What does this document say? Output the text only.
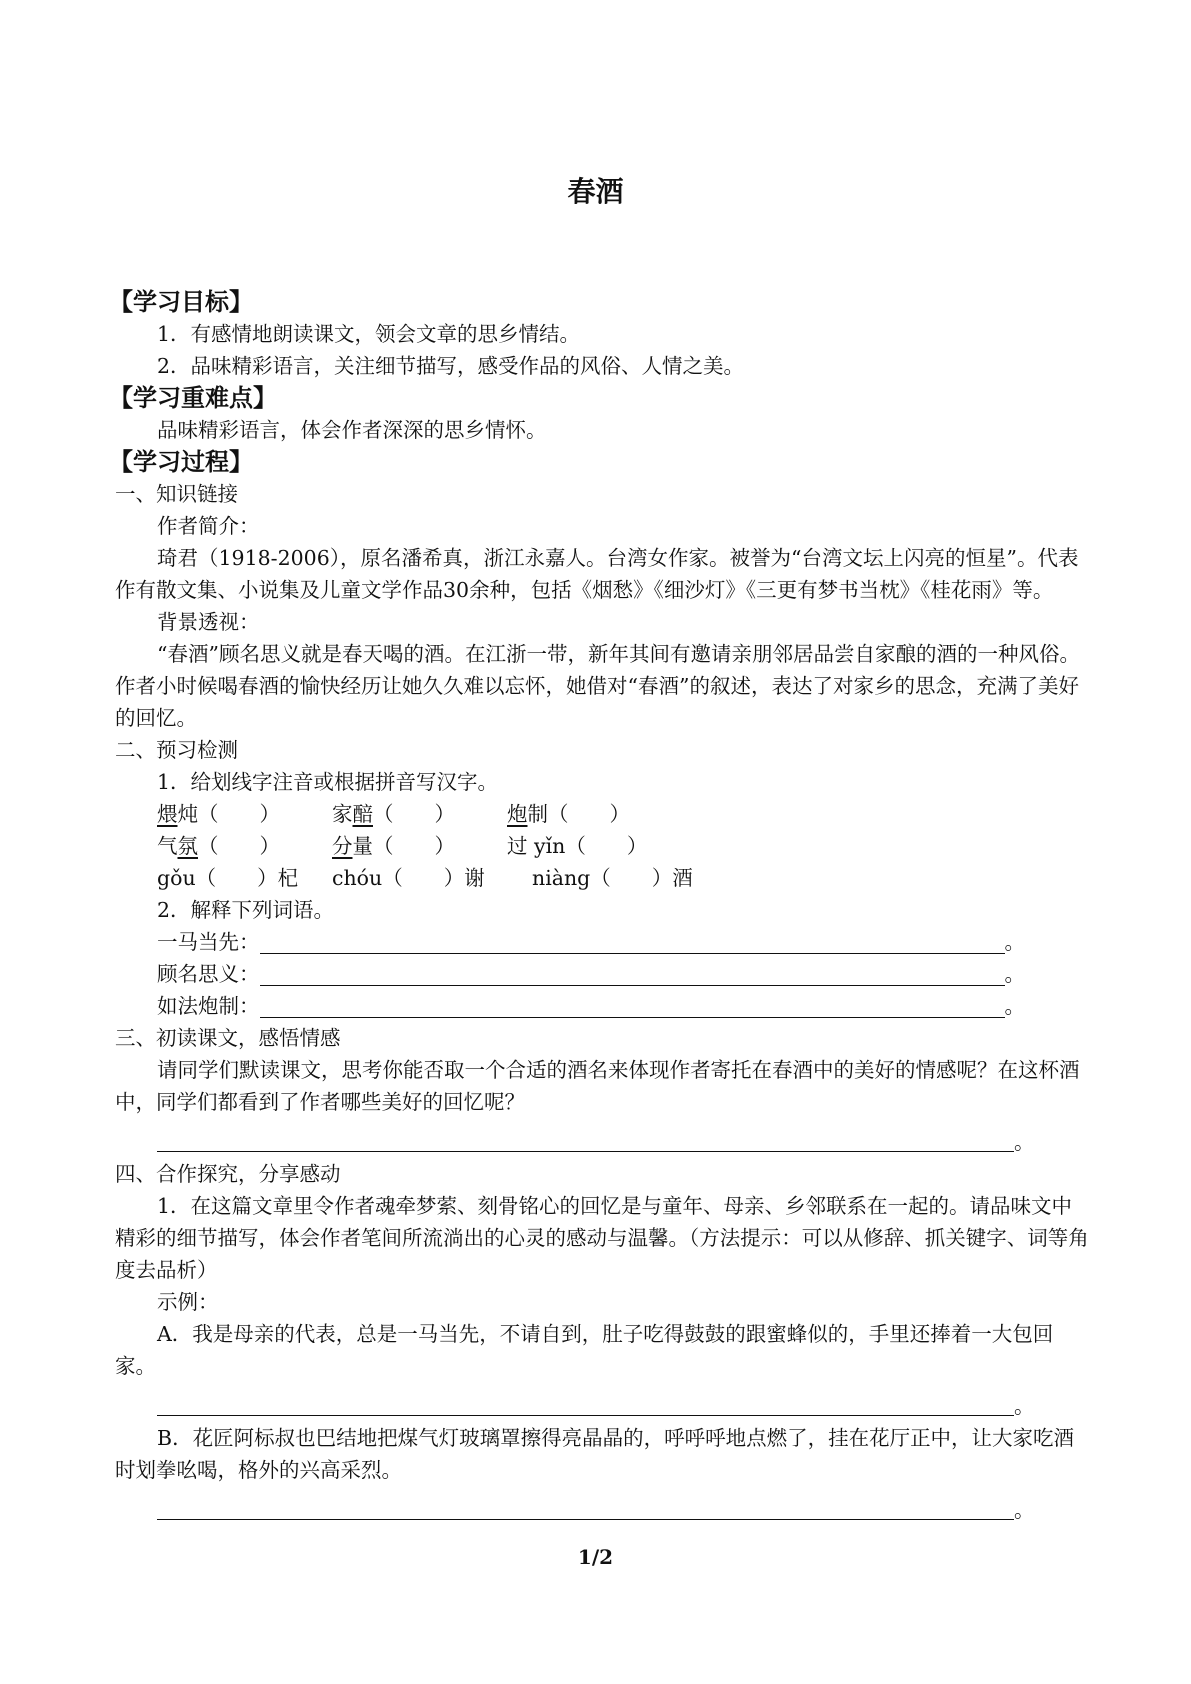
春酒
【学习目标】

1．有感情地朗读课文，领会文章的思乡情结。

2．品味精彩语言，关注细节描写，感受作品的风俗、人情之美。

【学习重难点】

品味精彩语言，体会作者深深的思乡情怀。

【学习过程】

一、知识链接

作者简介：

琦君（1918-2006），原名潘希真，浙江永嘉人。台湾女作家。被誉为“台湾文坛上闪亮的恒星”。代表作有散文集、小说集及儿童文学作品30余种，包括《烟愁》《细沙灯》《三更有梦书当枕》《桂花雨》等。

背景透视：

“春酒”顾名思义就是春天喝的酒。在江浙一带，新年其间有邀请亲朋邻居品尝自家酿的酒的一种风俗。作者小时候喝春酒的愉快经历让她久久难以忘怀，她借对“春酒”的叙述，表达了对家乡的思念，充满了美好的回忆。

二、预习检测

1．给划线字注音或根据拼音写汉字。

煨炖（　　）	家醅（　　）	炮制（　　）
气氛（　　）	分量（　　）	过 yǐn（　　）
gǒu（　　）杞	chóu（　　）谢	niàng（　　）酒

2．解释下列词语。

一马当先：	。
顾名思义：	。
如法炮制：	。

三、初读课文，感悟情感

请同学们默读课文，思考你能否取一个合适的酒名来体现作者寄托在春酒中的美好的情感呢？在这杯酒中，同学们都看到了作者哪些美好的回忆呢？

。

四、合作探究，分享感动

1．在这篇文章里令作者魂牵梦萦、刻骨铭心的回忆是与童年、母亲、乡邻联系在一起的。请品味文中精彩的细节描写，体会作者笔间所流淌出的心灵的感动与温馨。（方法提示：可以从修辞、抓关键字、词等角度去品析）

示例：

A．我是母亲的代表，总是一马当先，不请自到，肚子吃得鼓鼓的跟蜜蜂似的，手里还捧着一大包回家。

。

B．花匠阿标叔也巴结地把煤气灯玻璃罩擦得亮晶晶的，呼呼呼地点燃了，挂在花厅正中，让大家吃酒时划拳吆喝，格外的兴高采烈。

。
1/2
